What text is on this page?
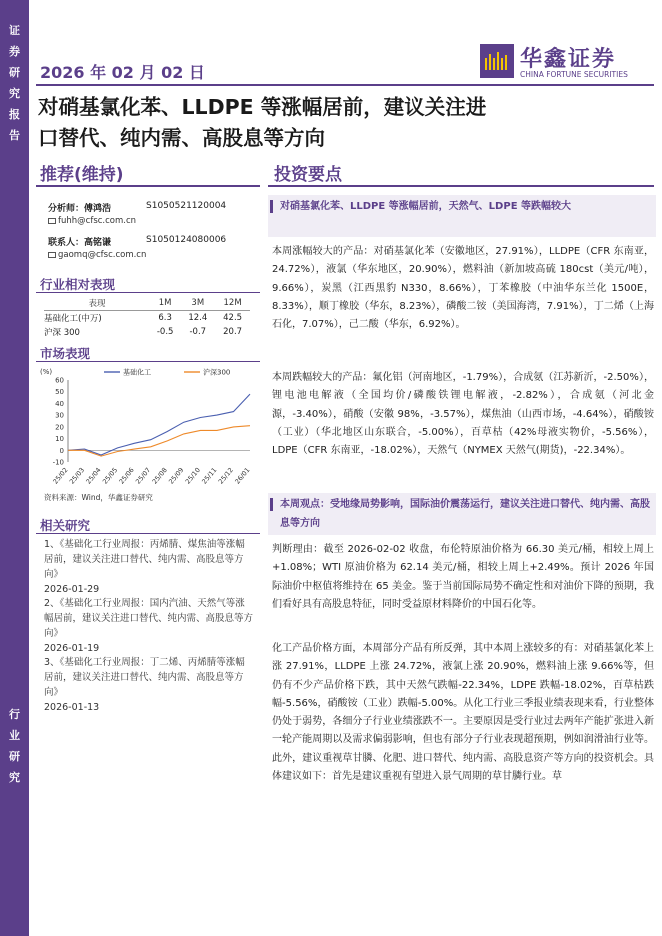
证
券
研
究
报
告
行
业
研
究
2026 年 02 月 02 日
华鑫证券
CHINA FORTUNE SECURITIES
对硝基氯化苯、LLDPE 等涨幅居前，建议关注进
口替代、纯内需、高股息等方向
推荐(维持)	投资要点
分析师：傅鸿浩	S1050521120004
fuhh@cfsc.com.cn
联系人：高铭谦	S1050124080006
gaomq@cfsc.com.cn
行业相对表现
表现	1M	3M	12M
基础化工(中万)	6.3	12.4	42.5
沪深 300	-0.5	-0.7	20.7
市场表现
(%)
60
50
40
30
20
10
0
-10
25/02
25/03
25/04
25/05
25/06
25/07
25/08
25/09
25/10
25/11
25/12
26/01
基础化工	沪深300
资料来源：Wind，华鑫证券研究
相关研究
1、《基础化工行业周报：丙烯腈、煤焦油等涨幅居前，建议关注进口替代、纯内需、高股息等方向》
2026-01-29
2、《基础化工行业周报：国内汽油、天然气等涨幅居前，建议关注进口替代、纯内需、高股息等方向》
2026-01-19
3、《基础化工行业周报：丁二烯、丙烯腈等涨幅居前，建议关注进口替代、纯内需、高股息等方向》
2026-01-13
对硝基氯化苯、LLDPE 等涨幅居前，天然气、LDPE 等跌幅较大
本周涨幅较大的产品：对硝基氯化苯（安徽地区，27.91%），LLDPE（CFR 东南亚，24.72%），液氯（华东地区，20.90%），燃料油（新加坡高硫 180cst（美元/吨），9.66%），炭黑（江西黑豹 N330，8.66%），丁苯橡胶（中油华东兰化 1500E，8.33%），顺丁橡胶（华东，8.23%），磷酸二铵（美国海湾，7.91%），丁二烯（上海石化，7.07%），己二酸（华东，6.92%）。
本周跌幅较大的产品：氟化铝（河南地区，-1.79%），合成氨（江苏新沂，-2.50%），锂电池电解液（全国均价/磷酸铁锂电解液，-2.82%），合成氨（河北金源，-3.40%），硝酸（安徽 98%，-3.57%），煤焦油（山西市场，-4.64%），硝酸铵（工业）（华北地区山东联合，-5.00%），百草枯（42%母液实物价，-5.56%），LDPE（CFR 东南亚，-18.02%），天然气（NYMEX 天然气(期货)，-22.34%）。
本周观点：受地缘局势影响，国际油价震荡运行，建议关注进口替代、纯内需、高股息等方向
判断理由：截至 2026-02-02 收盘，布伦特原油价格为 66.30 美元/桶，相较上周上+1.08%；WTI 原油价格为 62.14 美元/桶，相较上周上+2.49%。预计 2026 年国际油价中枢值将维持在 65 美金。鉴于当前国际局势不确定性和对油价下降的预期，我们看好具有高股息特征，同时受益原材料降价的中国石化等。
化工产品价格方面，本周部分产品有所反弹，其中本周上涨较多的有：对硝基氯化苯上涨 27.91%，LLDPE 上涨 24.72%，液氯上涨 20.90%，燃料油上涨 9.66%等，但仍有不少产品价格下跌，其中天然气跌幅-22.34%，LDPE 跌幅-18.02%，百草枯跌幅-5.56%，硝酸铵（工业）跌幅-5.00%。从化工行业三季报业绩表现来看，行业整体仍处于弱势，各细分子行业业绩涨跌不一。主要原因是受行业过去两年产能扩张进入新一轮产能周期以及需求偏弱影响，但也有部分子行业表现超预期，例如润滑油行业等。此外，建议重视草甘膦、化肥、进口替代、纯内需、高股息资产等方向的投资机会。具体建议如下：首先是建议重视有望进入景气周期的草甘膦行业。草
